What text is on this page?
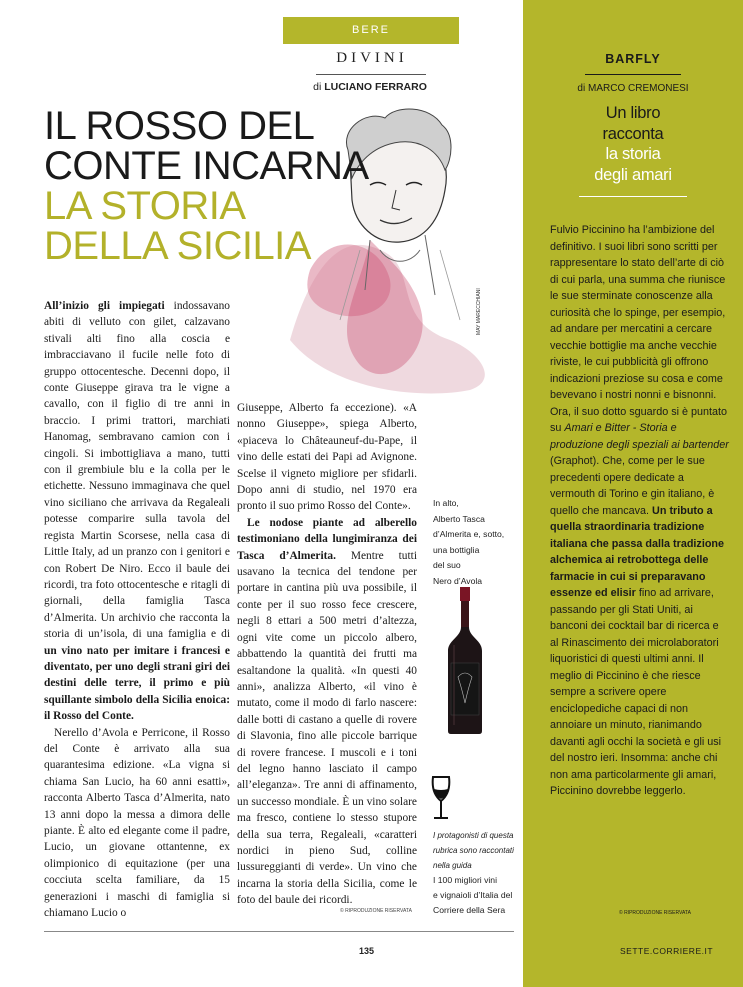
BERE
DIVINI
di LUCIANO FERRARO
MAY MARECCHIANI
IL ROSSO DEL
CONTE INCARNA
LA STORIA
DELLA SICILIA

All’inizio gli impiegati indossavano abiti di velluto con gilet, calzavano stivali alti fino alla coscia e imbracciavano il fucile nelle foto di gruppo ottocentesche. Decenni dopo, il conte Giuseppe girava tra le vigne a cavallo, con il figlio di tre anni in braccio. I primi trattori, marchiati Hanomag, sembravano camion con i cingoli. Si imbottigliava a mano, tutti con il grembiule blu e la colla per le etichette. Nessuno immaginava che quel vino siciliano che arrivava da Regaleali potesse comparire sulla tavola del regista Martin Scorsese, nella casa di Little Italy, ad un pranzo con i genitori e con Robert De Niro. Ecco il baule dei ricordi, tra foto ottocentesche e ritagli di giornali, della famiglia Tasca d’Almerita. Un archivio che racconta la storia di un’isola, di una famiglia e di un vino nato per imitare i francesi e diventato, per uno degli strani giri dei destini delle terre, il primo e più squillante simbolo della Sicilia enoica: il Rosso del Conte.

Nerello d’Avola e Perricone, il Rosso del Conte è arrivato alla sua quarantesima edizione. «La vigna si chiama San Lucio, ha 60 anni esatti», racconta Alberto Tasca d’Almerita, nato 13 anni dopo la messa a dimora delle piante. È alto ed elegante come il padre, Lucio, un giovane ottantenne, ex olimpionico di equitazione (per una cocciuta scelta familiare, da 15 generazioni i maschi di famiglia si chiamano Lucio o

Giuseppe, Alberto fa eccezione). «A nonno Giuseppe», spiega Alberto, «piaceva lo Châteauneuf-du-Pape, il vino delle estati dei Papi ad Avignone. Scelse il vigneto migliore per sfidarli. Dopo anni di studio, nel 1970 era pronto il suo primo Rosso del Conte».

Le nodose piante ad alberello testimoniano della lungimiranza dei Tasca d’Almerita. Mentre tutti usavano la tecnica del tendone per portare in cantina più uva possibile, il conte per il suo rosso fece crescere, negli 8 ettari a 500 metri d’altezza, ogni vite come un piccolo albero, abbattendo la quantità dei frutti ma esaltandone la qualità. «In questi 40 anni», analizza Alberto, «il vino è mutato, come il modo di farlo nascere: dalle botti di castano a quelle di rovere di Slavonia, fino alle piccole barrique di rovere francese. I muscoli e i toni del legno hanno lasciato il campo all’eleganza». Tre anni di affinamento, un successo mondiale. È un vino solare ma fresco, contiene lo stesso stupore della sua terra, Regaleali, «caratteri nordici in pieno Sud, colline lussureggianti di verde». Un vino che incarna la storia della Sicilia, come le foto del baule dei ricordi.

© RIPRODUZIONE RISERVATA
In alto,
Alberto Tasca
d’Almerita e, sotto,
una bottiglia
del suo
Nero d’Avola
I protagonisti di questa
rubrica sono raccontati
nella guida
I 100 migliori vini
e vignaioli d’Italia del
Corriere della Sera
BARFLY
di MARCO CREMONESI
Un libro
racconta
la storia
degli amari
Fulvio Piccinino ha l’ambizione del definitivo. I suoi libri sono scritti per rappresentare lo stato dell’arte di ciò di cui parla, una summa che riunisce le sue sterminate conoscenze alla curiosità che lo spinge, per esempio, ad andare per mercatini a cercare vecchie bottiglie ma anche vecchie riviste, le cui pubblicità gli offrono indicazioni preziose su cosa e come bevevano i nostri nonni e bisnonni. Ora, il suo dotto sguardo si è puntato su Amari e Bitter - Storia e produzione degli speziali ai bartender (Graphot). Che, come per le sue precedenti opere dedicate a vermouth di Torino e gin italiano, è quello che mancava. Un tributo a quella straordinaria tradizione italiana che passa dalla tradizione alchemica ai retrobottega delle farmacie in cui si preparavano essenze ed elisir fino ad arrivare, passando per gli Stati Uniti, ai banconi dei cocktail bar di ricerca e al Rinascimento dei microlaboratori liquoristici di questi ultimi anni. Il meglio di Piccinino è che riesce sempre a scrivere opere enciclopediche capaci di non annoiare un minuto, rianimando davanti agli occhi la società e gli usi del nostro ieri. Insomma: anche chi non ama particolarmente gli amari, Piccinino dovrebbe leggerlo.
© RIPRODUZIONE RISERVATA
135	SETTE.CORRIERE.IT
